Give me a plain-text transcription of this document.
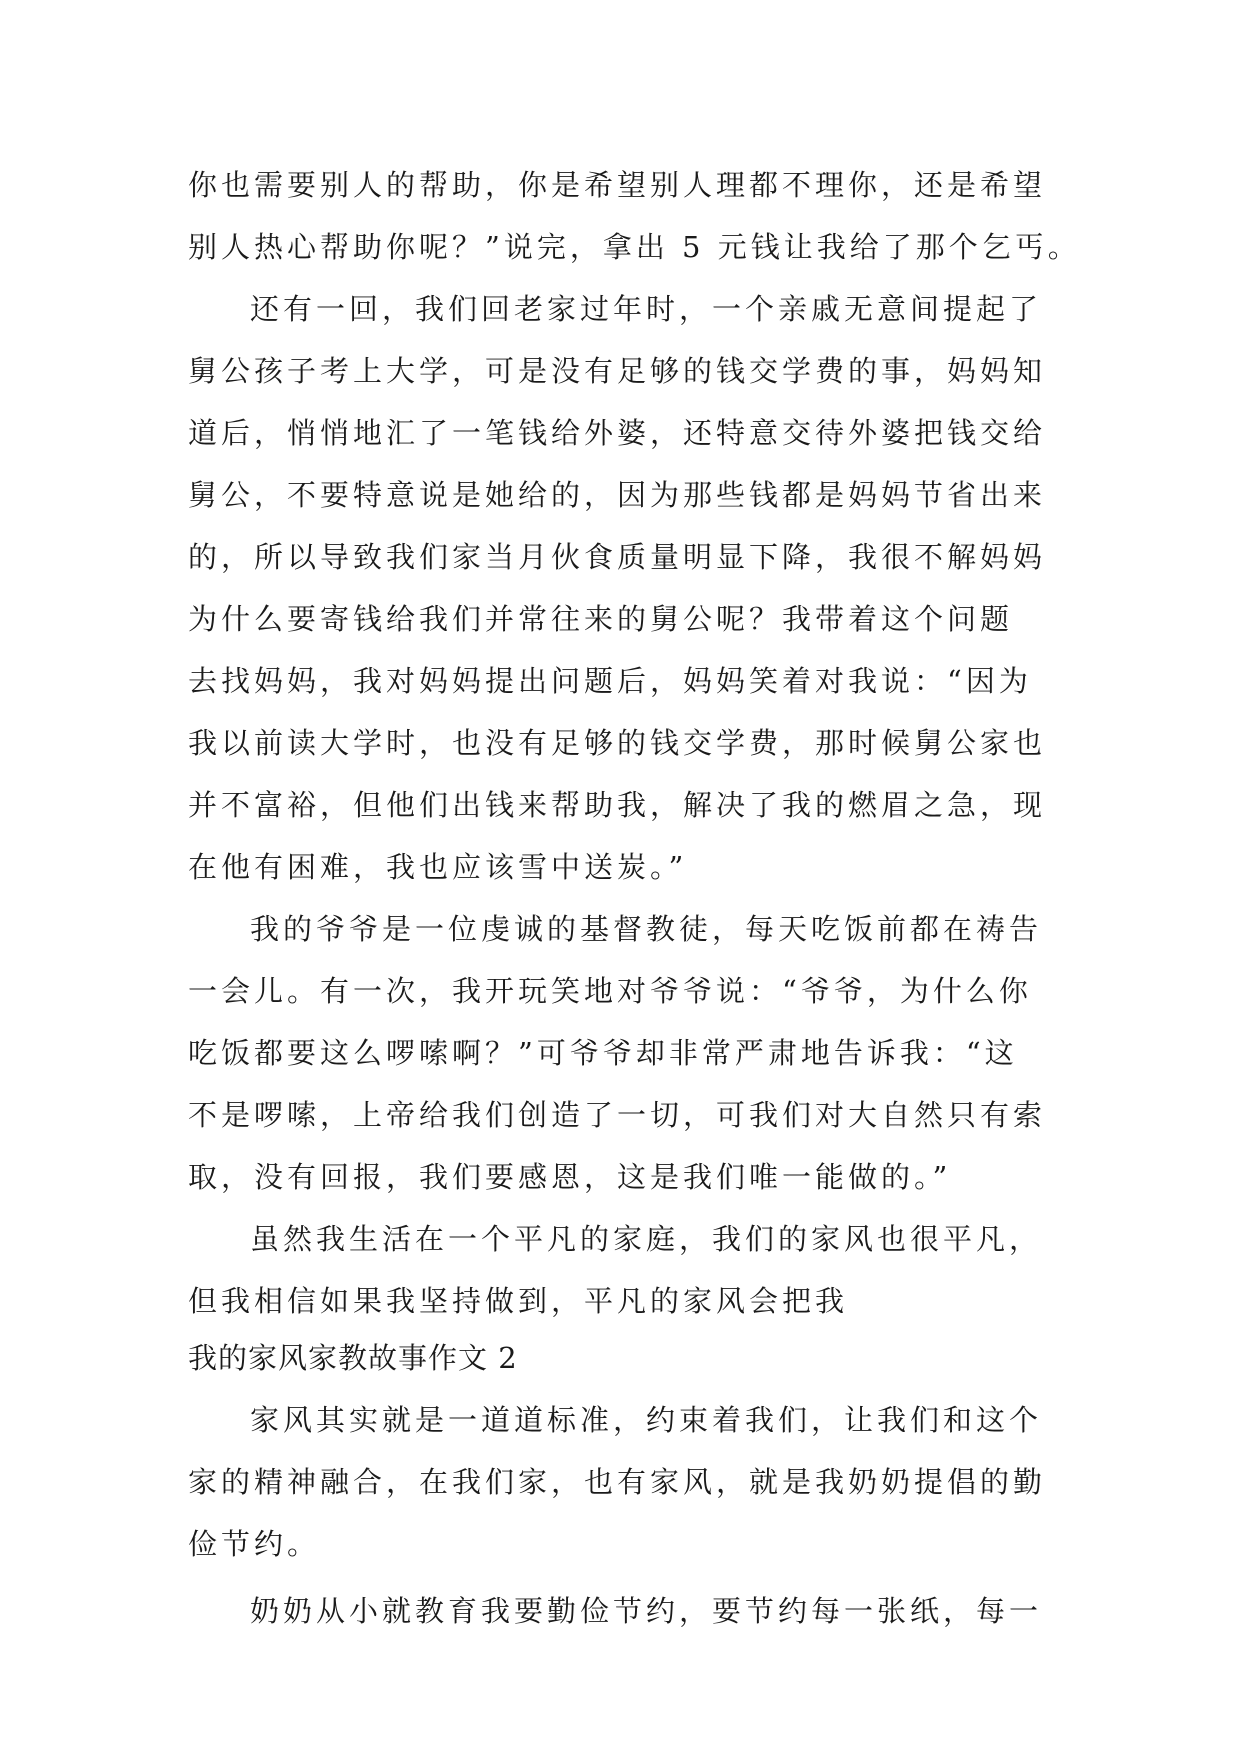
你也需要别人的帮助，你是希望别人理都不理你，还是希望

别人热心帮助你呢？”说完，拿出 5 元钱让我给了那个乞丐。

还有一回，我们回老家过年时，一个亲戚无意间提起了

舅公孩子考上大学，可是没有足够的钱交学费的事，妈妈知

道后，悄悄地汇了一笔钱给外婆，还特意交待外婆把钱交给

舅公，不要特意说是她给的，因为那些钱都是妈妈节省出来

的，所以导致我们家当月伙食质量明显下降，我很不解妈妈

为什么要寄钱给我们并常往来的舅公呢？我带着这个问题

去找妈妈，我对妈妈提出问题后，妈妈笑着对我说：“因为

我以前读大学时，也没有足够的钱交学费，那时候舅公家也

并不富裕，但他们出钱来帮助我，解决了我的燃眉之急，现

在他有困难，我也应该雪中送炭。”

我的爷爷是一位虔诚的基督教徒，每天吃饭前都在祷告

一会儿。有一次，我开玩笑地对爷爷说：“爷爷，为什么你

吃饭都要这么啰嗦啊？”可爷爷却非常严肃地告诉我：“这

不是啰嗦，上帝给我们创造了一切，可我们对大自然只有索

取，没有回报，我们要感恩，这是我们唯一能做的。”

虽然我生活在一个平凡的家庭，我们的家风也很平凡，

但我相信如果我坚持做到，平凡的家风会把我

我的家风家教故事作文 2

家风其实就是一道道标准，约束着我们，让我们和这个

家的精神融合，在我们家，也有家风，就是我奶奶提倡的勤

俭节约。

奶奶从小就教育我要勤俭节约，要节约每一张纸，每一
